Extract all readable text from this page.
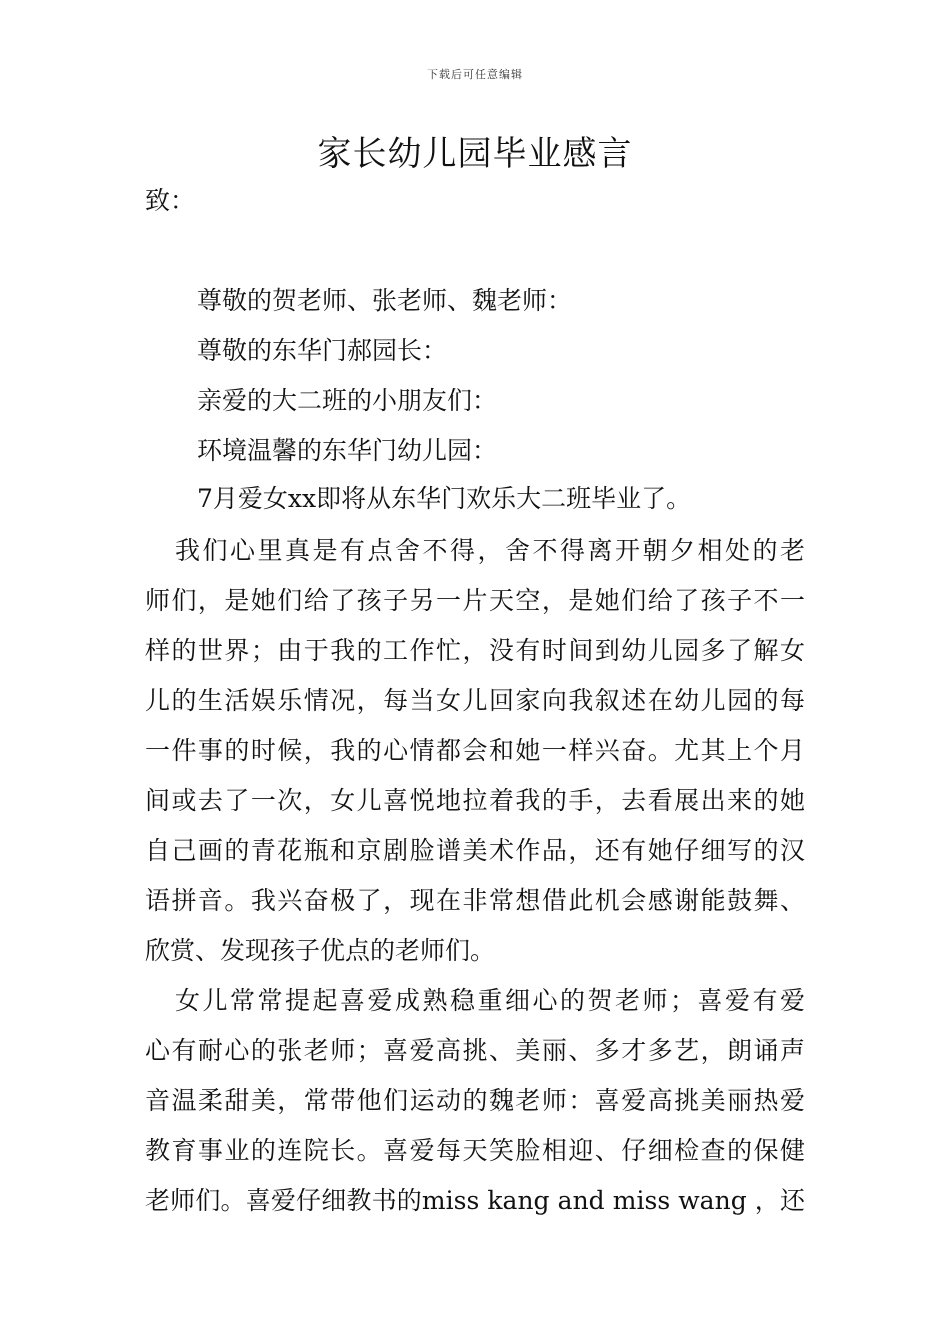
下载后可任意编辑
家长幼儿园毕业感言
致：
尊敬的贺老师、张老师、魏老师：
尊敬的东华门郝园长：
亲爱的大二班的小朋友们：
环境温馨的东华门幼儿园：
7月爱女xx即将从东华门欢乐大二班毕业了。
我们心里真是有点舍不得，舍不得离开朝夕相处的老
师们，是她们给了孩子另一片天空，是她们给了孩子不一
样的世界；由于我的工作忙，没有时间到幼儿园多了解女
儿的生活娱乐情况，每当女儿回家向我叙述在幼儿园的每
一件事的时候，我的心情都会和她一样兴奋。尤其上个月
间或去了一次，女儿喜悦地拉着我的手，去看展出来的她
自己画的青花瓶和京剧脸谱美术作品，还有她仔细写的汉
语拼音。我兴奋极了，现在非常想借此机会感谢能鼓舞、
欣赏、发现孩子优点的老师们。
女儿常常提起喜爱成熟稳重细心的贺老师；喜爱有爱
心有耐心的张老师；喜爱高挑、美丽、多才多艺，朗诵声
音温柔甜美，常带他们运动的魏老师：喜爱高挑美丽热爱
教育事业的连院长。喜爱每天笑脸相迎、仔细检查的保健
老师们。喜爱仔细教书的miss kang and miss wang ，还
